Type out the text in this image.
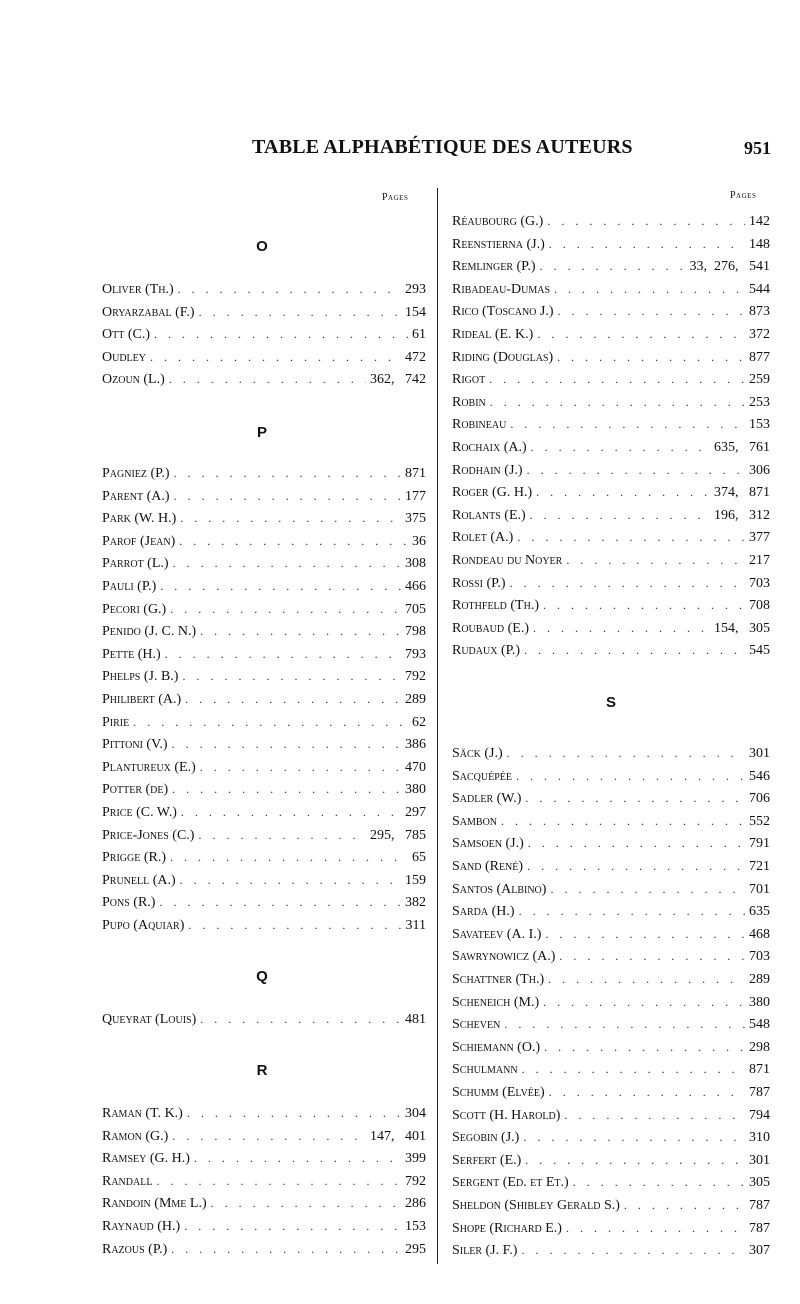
TABLE ALPHABÉTIQUE DES AUTEURS	951
Pages
O
Oliver (Th.) . . .	293
Oryarzabal (F.) . . .	154
Ott (C.) . . .	61
Oudley . . .	472
Ozoun (L.) . . .	362,   742
P
Pagniez (P.) . . .	871
Parent (A.) . . .	177
Park (W. H.) . . .	375
Parof (Jean) . . .	36
Parrot (L.) . . .	308
Pauli (P.) . . .	466
Pecori (G.) . . .	705
Penido (J. C. N.) . . .	798
Pette (H.) . . .	793
Phelps (J. B.) . . .	792
Philibert (A.) . . .	289
Pirie . . .	62
Pittoni (V.) . . .	386
Plantureux (E.) . . .	470
Potter (de) . . .	380
Price (C. W.) . . .	297
Price-Jones (C.) . . .	295,   785
Prigge (R.) . . .	65
Prunell (A.) . . .	159
Pons (R.) . . .	382
Pupo (Aquiar) . . .	311
Q
Queyrat (Louis) . . .	481
R
Raman (T. K.) . . .	304
Ramon (G.) . . .	147,   401
Ramsey (G. H.) . . .	399
Randall . . .	792
Randoin (Mme L.) . . .	286
Raynaud (H.) . . .	153
Razous (P.) . . .	295
Pages
Réaubourg (G.) . . .	142
Reenstierna (J.) . . .	148
Remlinger (P.) . . .	33,  276,   541
Ribadeau-Dumas . . .	544
Rico (Toscano J.) . . .	873
Rideal (E. K.) . . .	372
Riding (Douglas) . . .	877
Rigot . . .	259
Robin . . .	253
Robineau . . .	153
Rochaix (A.) . . .	635,   761
Rodhain (J.) . . .	306
Roger (G. H.) . . .	374,   871
Rolants (E.) . . .	196,   312
Rolet (A.) . . .	377
Rondeau du Noyer . . .	217
Rossi (P.) . . .	703
Rothfeld (Th.) . . .	708
Roubaud (E.) . . .	154,   305
Rudaux (P.) . . .	545
S
Säck (J.) . . .	301
Sacquépée . . .	546
Sadler (W.) . . .	706
Sambon . . .	552
Samsoen (J.) . . .	791
Sand (René) . . .	721
Santos (Albino) . . .	701
Sarda (H.) . . .	635
Savateev (A. I.) . . .	468
Sawrynowicz (A.) . . .	703
Schattner (Th.) . . .	289
Scheneich (M.) . . .	380
Scheven . . .	548
Schiemann (O.) . . .	298
Schulmann . . .	871
Schumm (Elvée) . . .	787
Scott (H. Harold) . . .	794
Segobin (J.) . . .	310
Serfert (E.) . . .	301
Sergent (Ed. et Et.) . . .	305
Sheldon (Shibley Gerald S.) . . .	787
Shope (Richard E.) . . .	787
Siler (J. F.) . . .	307
